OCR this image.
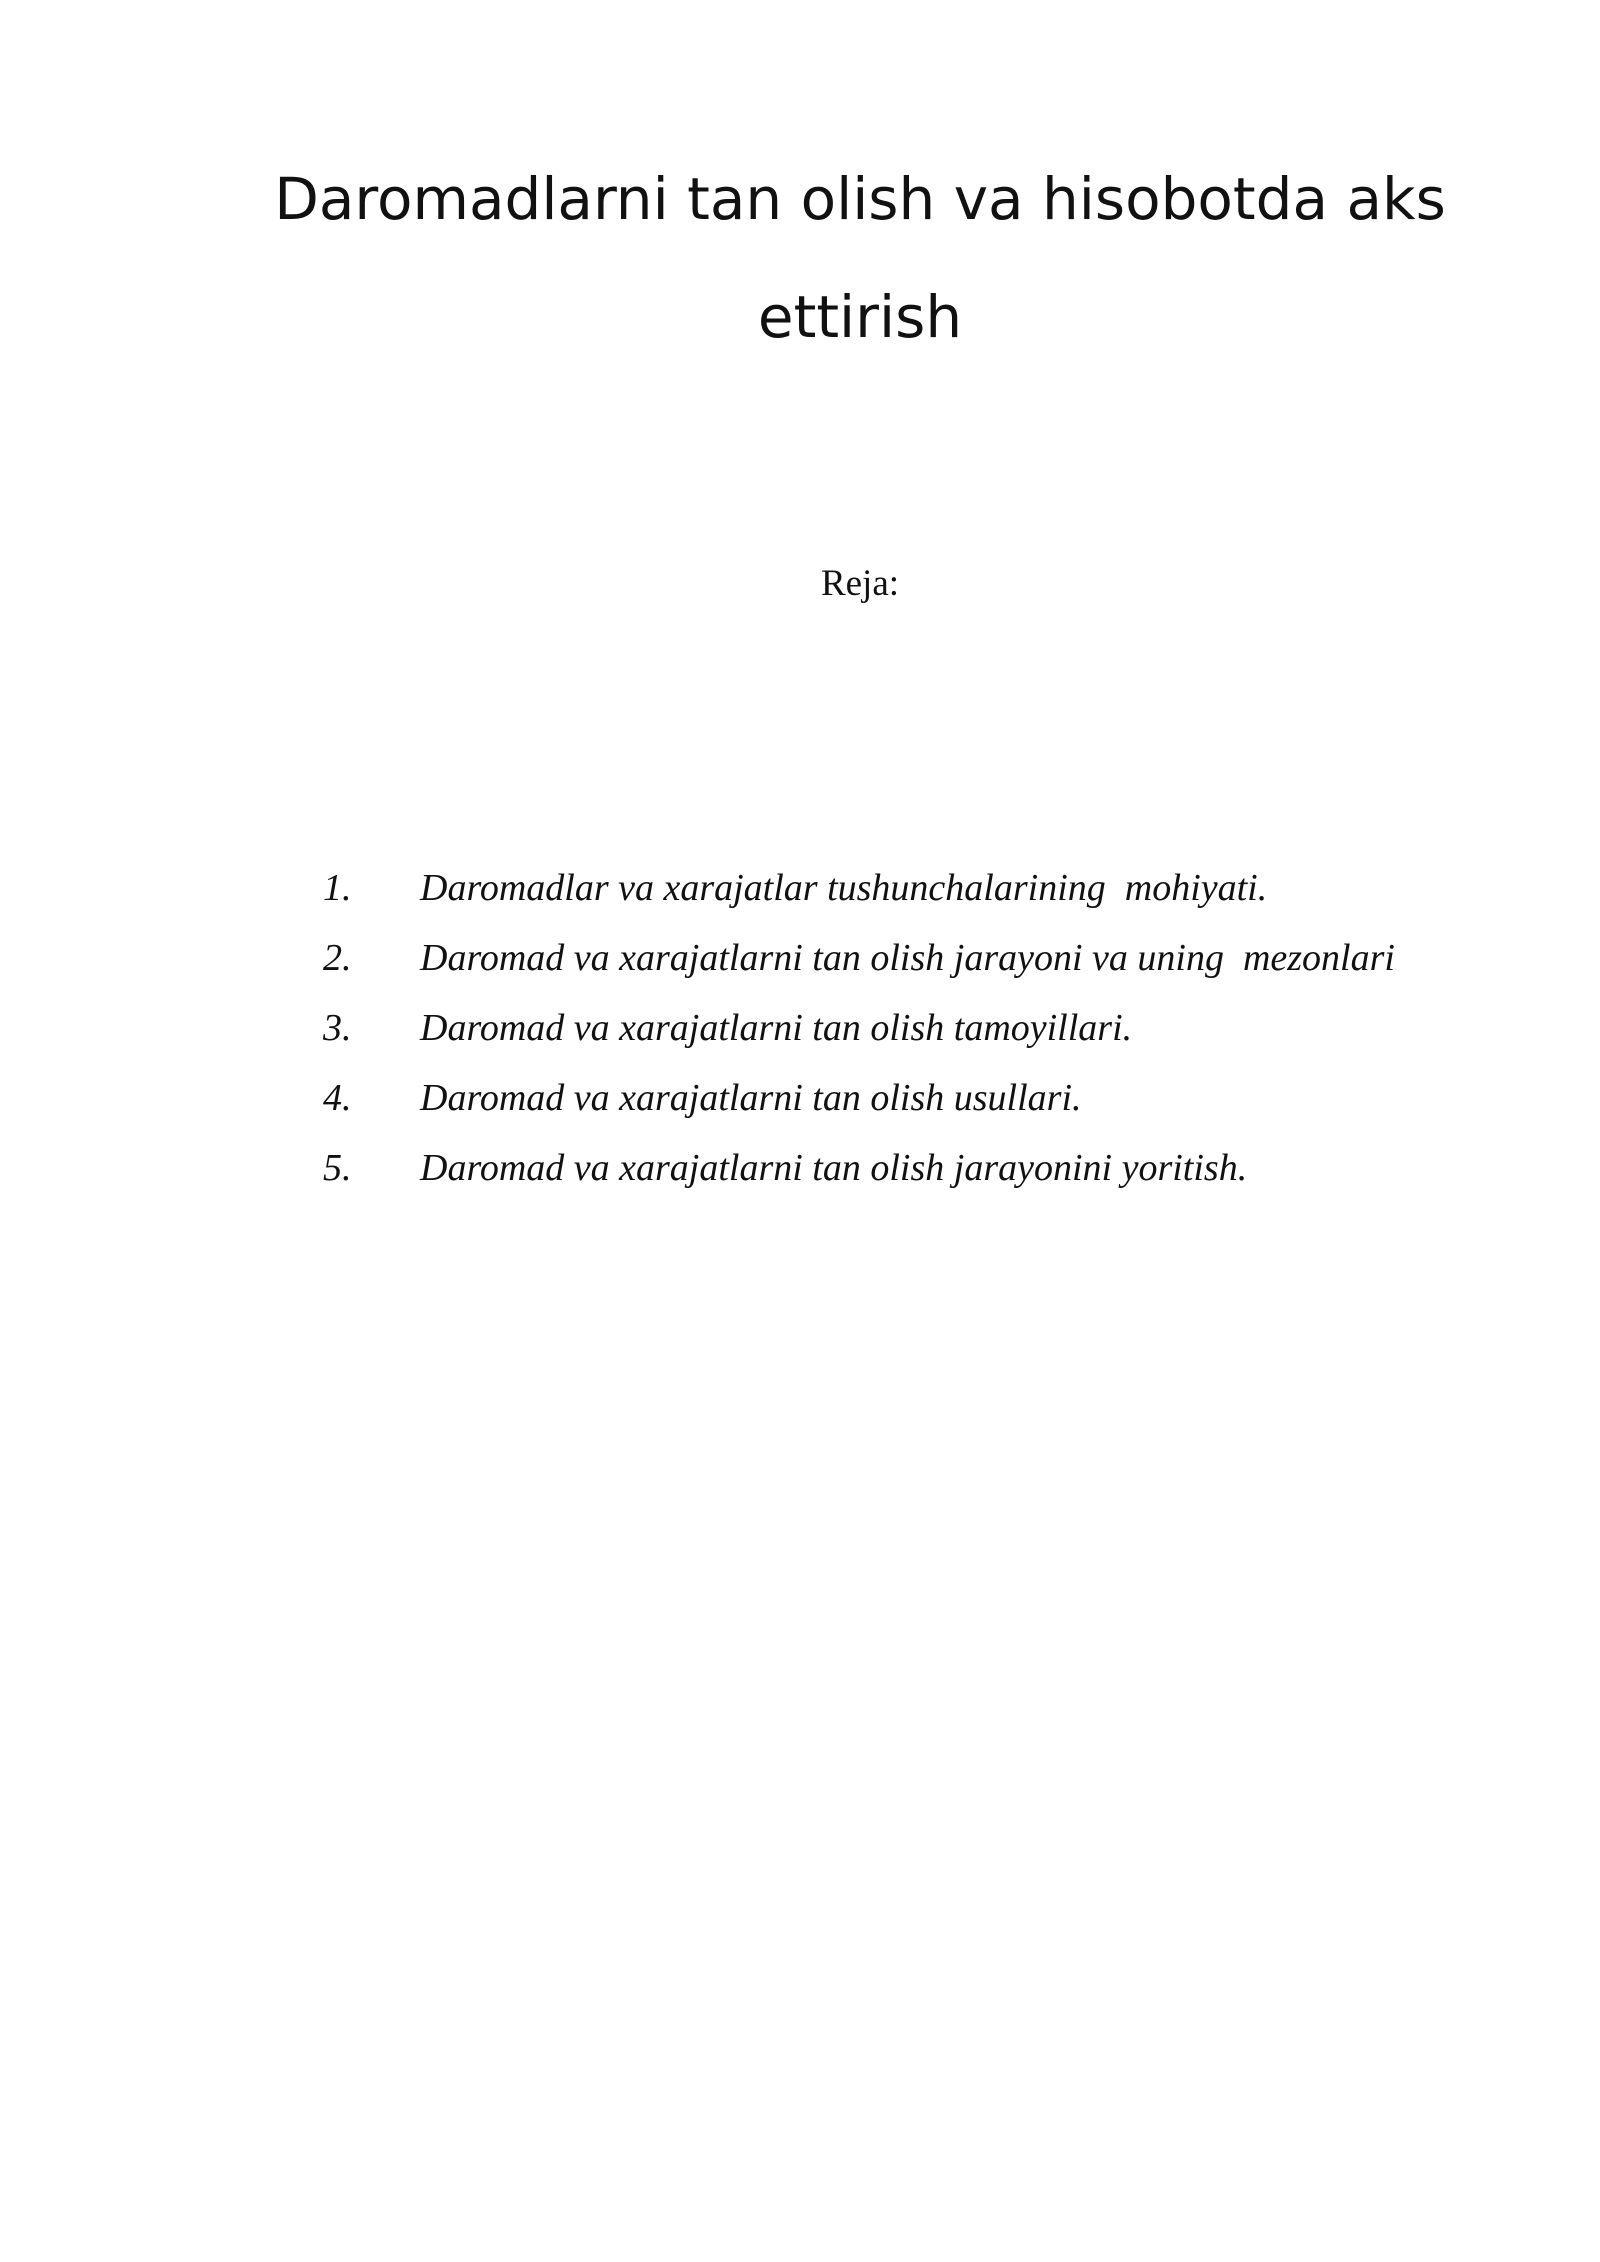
Daromadlarni tan olish va hisobotda aks
ettirish
Reja:

1.

Daromadlar va xarajatlar tushunchalarining  mohiyati.

2.

Daromad va xarajatlarni tan olish jarayoni va uning  mezonlari

3.

Daromad va xarajatlarni tan olish tamoyillari.

4.

Daromad va xarajatlarni tan olish usullari.

5.

Daromad va xarajatlarni tan olish jarayonini yoritish.
